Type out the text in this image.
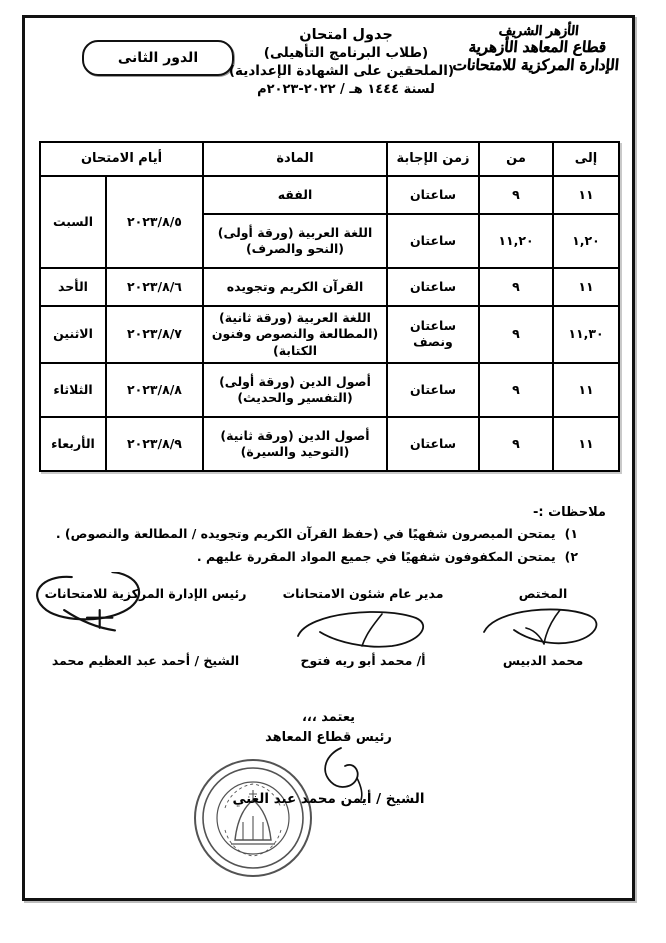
الدور الثانى
جدول امتحان
(طلاب البرنامج التأهيلى)
(الملحقين على الشهادة الإعدادية)
لسنة ١٤٤٤ هـ / ٢٠٢٢-٢٠٢٣م
الأزهر الشريف
قطاع المعاهد الأزهرية
الإدارة المركزية للامتحانات
إلى	من	زمن الإجابة	المادة	أيام الامتحان	
١١	٩	ساعتان	الفقه	٢٠٢٣/٨/٥	السبت
١,٢٠	١١,٢٠	ساعتان	اللغة العربية (ورقة أولى)
(النحو والصرف)		

١١	٩	ساعتان	القرآن الكريم وتجويده	٢٠٢٣/٨/٦	الأحد
١١,٣٠	٩	ساعتان ونصف	اللغة العربية (ورقة ثانية)
(المطالعة والنصوص وفنون الكتابة)	٢٠٢٣/٨/٧	الاثنين
١١	٩	ساعتان	أصول الدين (ورقة أولى)
(التفسير والحديث)	٢٠٢٣/٨/٨	الثلاثاء
١١	٩	ساعتان	أصول الدين (ورقة ثانية)
(التوحيد والسيرة)	٢٠٢٣/٨/٩	الأربعاء
ملاحظات :-
١)
يمتحن المبصرون شفهيًا في (حفظ القرآن الكريم وتجويده / المطالعة والنصوص) .
٢)
يمتحن المكفوفون شفهيًا في جميع المواد المقررة عليهم .
المختص
محمد الدبيس
مدير عام شئون الامتحانات
أ/ محمد أبو ريه فتوح
رئيس الإدارة المركزية للامتحانات
الشيخ / أحمد عبد العظيم محمد
يعتمد ،،،
رئيس قطاع المعاهد
الشيخ / أيمن محمد عبد الغني
